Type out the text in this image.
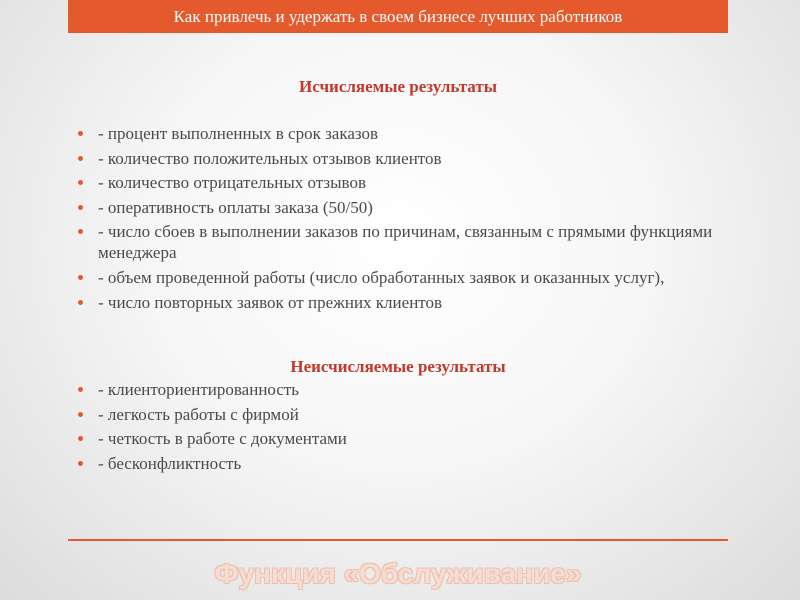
Как привлечь и удержать в своем бизнесе лучших работников
Исчисляемые результаты
- процент выполненных в срок заказов
- количество положительных отзывов клиентов
- количество отрицательных отзывов
- оперативность оплаты заказа (50/50)
- число сбоев в выполнении заказов по причинам, связанным с прямыми функциями менеджера
- объем проведенной работы (число обработанных заявок и оказанных услуг),
- число повторных заявок от прежних клиентов
Неисчисляемые результаты
- клиенториентированность
- легкость работы с фирмой
- четкость в работе с документами
- бесконфликтность
Функция «Обслуживание»
